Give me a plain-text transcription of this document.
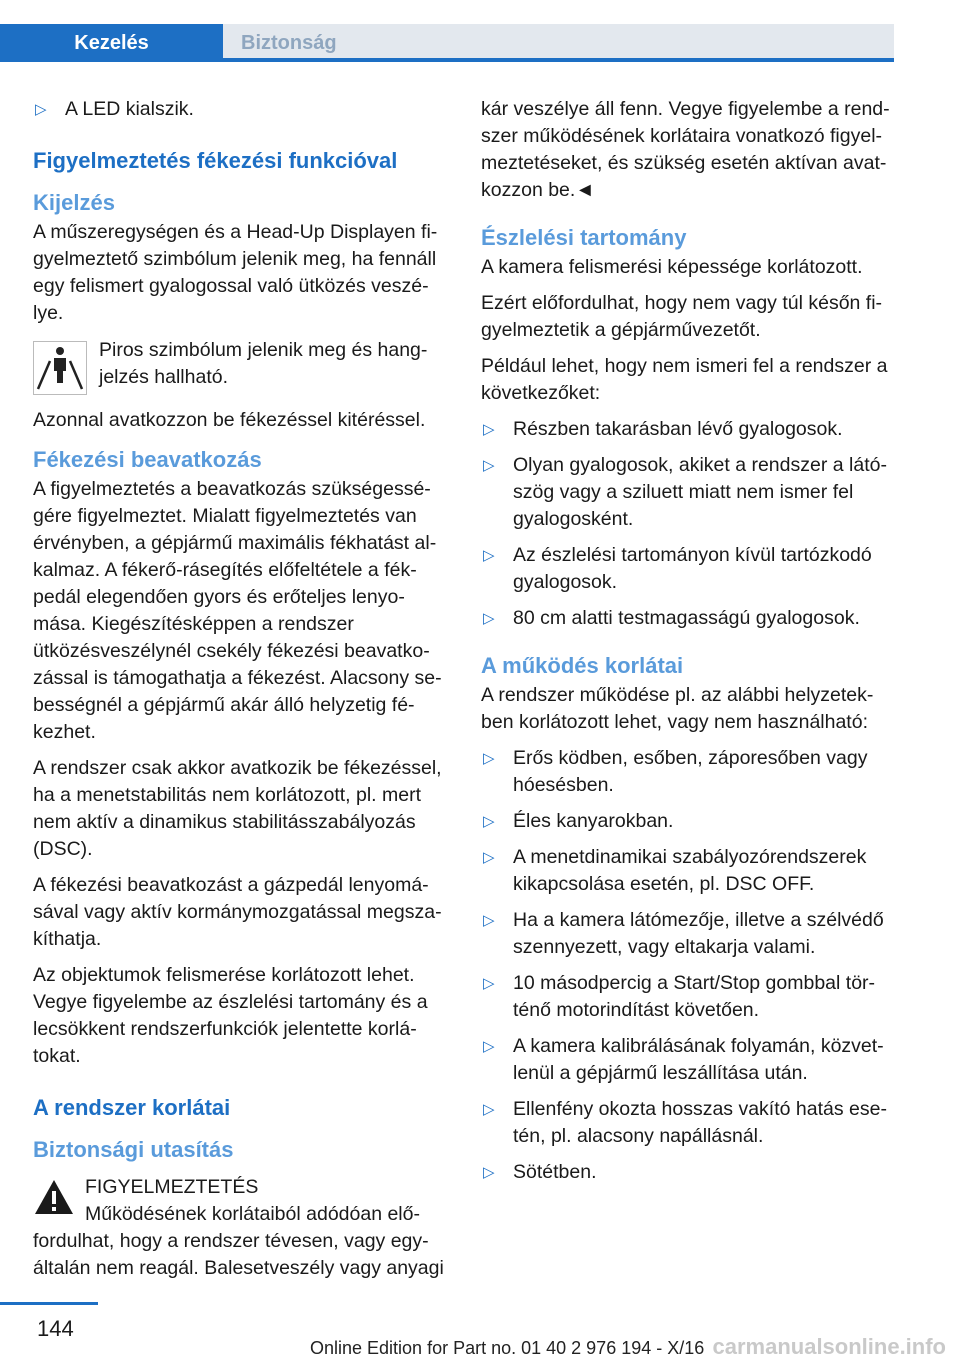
Kezelés	Biztonság
▷ A LED kialszik.
Figyelmeztetés fékezési funkcióval
Kijelzés

A műszeregységen és a Head-Up Displayen fi-gyelmeztető szimbólum jelenik meg, ha fennáll egy felismert gyalogossal való ütközés veszé-lye.

Piros szimbólum jelenik meg és hang-jelzés hallható.

Azonnal avatkozzon be fékezéssel kitéréssel.

Fékezési beavatkozás

A figyelmeztetés a beavatkozás szükségessé-gére figyelmeztet. Mialatt figyelmeztetés van érvényben, a gépjármű maximális fékhatást al-kalmaz. A fékerő-rásegítés előfeltétele a fék-pedál elegendően gyors és erőteljes lenyo-mása. Kiegészítésképpen a rendszer ütközésveszélynél csekély fékezési beavatko-zással is támogathatja a fékezést. Alacsony se-bességnél a gépjármű akár álló helyzetig fé-kezhet.

A rendszer csak akkor avatkozik be fékezéssel, ha a menetstabilitás nem korlátozott, pl. mert nem aktív a dinamikus stabilitásszabályozás (DSC).

A fékezési beavatkozást a gázpedál lenyomá-sával vagy aktív kormánymozgatással megsza-kíthatja.

Az objektumok felismerése korlátozott lehet. Vegye figyelembe az észlelési tartomány és a lecsökkent rendszerfunkciók jelentette korlá-tokat.

A rendszer korlátai
Biztonsági utasítás
FIGYELMEZTETÉS
Működésének korlátaiból adódóan elő-
fordulhat, hogy a rendszer tévesen, vagy egy-általán nem reagál. Balesetveszély vagy anyagi

kár veszélye áll fenn. Vegye figyelembe a rend-szer működésének korlátaira vonatkozó figyel-meztetéseket, és szükség esetén aktívan avat-kozzon be.◄

Észlelési tartomány

A kamera felismerési képessége korlátozott.

Ezért előfordulhat, hogy nem vagy túl későn fi-gyelmeztetik a gépjárművezetőt.

Például lehet, hogy nem ismeri fel a rendszer a következőket:

▷ Részben takarásban lévő gyalogosok.
▷ Olyan gyalogosok, akiket a rendszer a látó-szög vagy a sziluett miatt nem ismer fel gyalogosként.
▷ Az észlelési tartományon kívül tartózkodó gyalogosok.
▷ 80 cm alatti testmagasságú gyalogosok.
A működés korlátai

A rendszer működése pl. az alábbi helyzetek-ben korlátozott lehet, vagy nem használható:

▷ Erős ködben, esőben, záporesőben vagy hóesésben.
▷ Éles kanyarokban.
▷ A menetdinamikai szabályozórendszerek kikapcsolása esetén, pl. DSC OFF.
▷ Ha a kamera látómezője, illetve a szélvédő szennyezett, vagy eltakarja valami.
▷ 10 másodpercig a Start/Stop gombbal tör-ténő motorindítást követően.
▷ A kamera kalibrálásának folyamán, közvet-lenül a gépjármű leszállítása után.
▷ Ellenfény okozta hosszas vakító hatás ese-tén, pl. alacsony napállásnál.
▷ Sötétben.
144
Online Edition for Part no. 01 40 2 976 194 - X/16 carmanualsonline.info
